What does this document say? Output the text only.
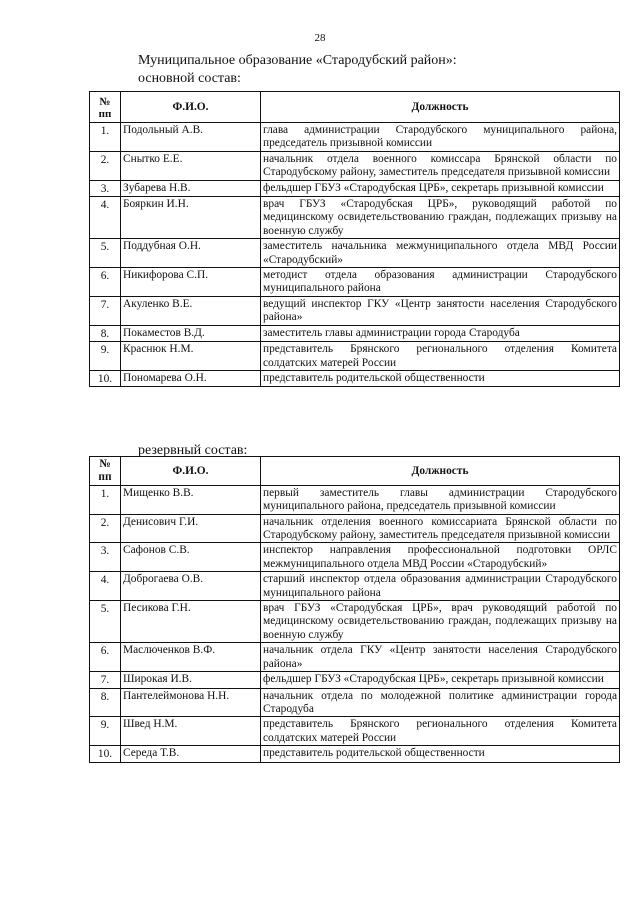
28
Муниципальное образование «Стародубский район»:
основной состав:
№ пп	Ф.И.О.	Должность
1.	Подольный А.В.	глава администрации Стародубского муниципального района, председатель призывной комиссии
2.	Снытко Е.Е.	начальник отдела военного комиссара Брянской области по Стародубскому району, заместитель председателя призывной комиссии
3.	Зубарева Н.В.	фельдшер ГБУЗ «Стародубская ЦРБ», секретарь призывной комиссии
4.	Бояркин И.Н.	врач ГБУЗ «Стародубская ЦРБ», руководящий работой по медицинскому освидетельствованию граждан, подлежащих призыву на военную службу
5.	Поддубная О.Н.	заместитель начальника межмуниципального отдела МВД России «Стародубский»
6.	Никифорова С.П.	методист отдела образования администрации Стародубского муниципального района
7.	Акуленко В.Е.	ведущий инспектор ГКУ «Центр занятости населения Стародубского района»
8.	Покаместов В.Д.	заместитель главы администрации города Стародуба
9.	Краснюк Н.М.	представитель Брянского регионального отделения Комитета солдатских матерей России
10.	Пономарева О.Н.	представитель родительской общественности
резервный состав:
№ пп	Ф.И.О.	Должность
1.	Мищенко В.В.	первый заместитель главы администрации Стародубского муниципального района, председатель призывной комиссии
2.	Денисович Г.И.	начальник отделения военного комиссариата Брянской области по Стародубскому району, заместитель председателя призывной комиссии
3.	Сафонов С.В.	инспектор направления профессиональной подготовки ОРЛС межмуниципального отдела МВД России «Стародубский»
4.	Доброгаева О.В.	старший инспектор отдела образования администрации Стародубского муниципального района
5.	Песикова Г.Н.	врач ГБУЗ «Стародубская ЦРБ», врач руководящий работой по медицинскому освидетельствованию граждан, подлежащих призыву на военную службу
6.	Маслюченков В.Ф.	начальник отдела ГКУ «Центр занятости населения Стародубского района»
7.	Широкая И.В.	фельдшер ГБУЗ «Стародубская ЦРБ», секретарь призывной комиссии
8.	Пантелеймонова Н.Н.	начальник отдела по молодежной политике администрации города Стародуба
9.	Швед Н.М.	представитель Брянского регионального отделения Комитета солдатских матерей России
10.	Середа Т.В.	представитель родительской общественности
